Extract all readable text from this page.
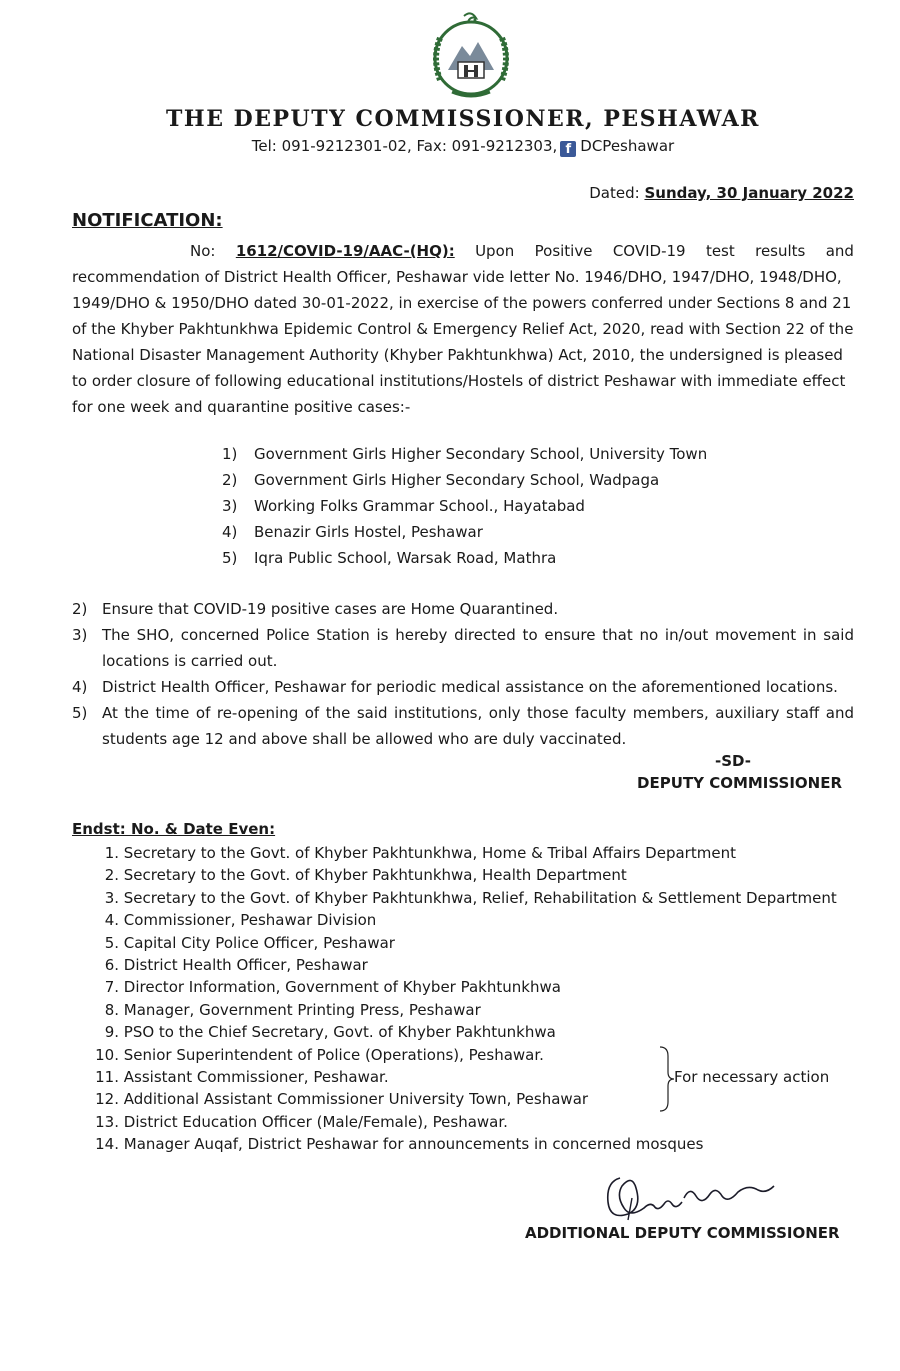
THE DEPUTY COMMISSIONER, PESHAWAR
Tel: 091-9212301-02, Fax: 091-9212303, f DCPeshawar
Dated: Sunday, 30 January 2022
NOTIFICATION:
No: 1612/COVID-19/AAC-(HQ): Upon Positive COVID-19 test results and
recommendation of District Health Officer, Peshawar vide letter No. 1946/DHO, 1947/DHO, 1948/DHO,
1949/DHO & 1950/DHO dated 30-01-2022, in exercise of the powers conferred under Sections 8 and 21
of the Khyber Pakhtunkhwa Epidemic Control & Emergency Relief Act, 2020, read with Section 22 of the
National Disaster Management Authority (Khyber Pakhtunkhwa) Act, 2010, the undersigned is pleased
to order closure of following educational institutions/Hostels of district Peshawar with immediate effect
for one week and quarantine positive cases:-
1)	Government Girls Higher Secondary School, University Town
2)	Government Girls Higher Secondary School, Wadpaga
3)	Working Folks Grammar School., Hayatabad
4)	Benazir Girls Hostel, Peshawar
5)	Iqra Public School, Warsak Road, Mathra
2) Ensure that COVID-19 positive cases are Home Quarantined.
3) The SHO, concerned Police Station is hereby directed to ensure that no in/out movement in said locations is carried out.
4) District Health Officer, Peshawar for periodic medical assistance on the aforementioned locations.
5) At the time of re-opening of the said institutions, only those faculty members, auxiliary staff and students age 12 and above shall be allowed who are duly vaccinated.
-SD-
DEPUTY COMMISSIONER
Endst: No. & Date Even:
1.
Secretary to the Govt. of Khyber Pakhtunkhwa, Home & Tribal Affairs Department
2.
Secretary to the Govt. of Khyber Pakhtunkhwa, Health Department
3.
Secretary to the Govt. of Khyber Pakhtunkhwa, Relief, Rehabilitation & Settlement Department
4.
Commissioner, Peshawar Division
5.
Capital City Police Officer, Peshawar
6.
District Health Officer, Peshawar
7.
Director Information, Government of Khyber Pakhtunkhwa
8.
Manager, Government Printing Press, Peshawar
9.
PSO to the Chief Secretary, Govt. of Khyber Pakhtunkhwa
10.
Senior Superintendent of Police (Operations), Peshawar.
11.
Assistant Commissioner, Peshawar.
12.
Additional Assistant Commissioner University Town, Peshawar
13.
District Education Officer (Male/Female), Peshawar.
14.
Manager Auqaf, District Peshawar for announcements in concerned mosques
For necessary action
ADDITIONAL DEPUTY COMMISSIONER
